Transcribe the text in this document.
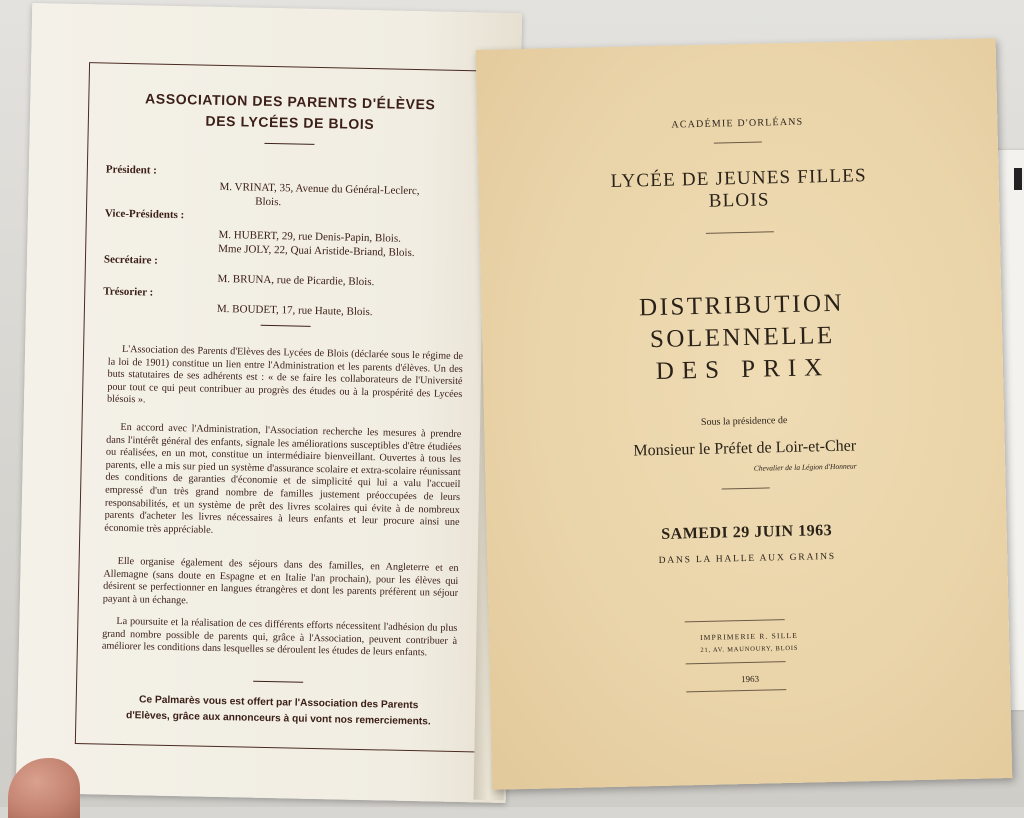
ASSOCIATION DES PARENTS D'ÉLÈVES
DES LYCÉES DE BLOIS
Président :
M. VRINAT, 35, Avenue du Général-Leclerc,
Blois.
Vice-Présidents :
M. HUBERT, 29, rue Denis-Papin, Blois.
Mme JOLY, 22, Quai Aristide-Briand, Blois.
Secrétaire :
M. BRUNA, rue de Picardie, Blois.
Trésorier :
M. BOUDET, 17, rue Haute, Blois.
L'Association des Parents d'Elèves des Lycées de Blois (déclarée sous le régime de la loi de 1901) constitue un lien entre l'Administration et les parents d'élèves. Un des buts statutaires de ses adhérents est : « de se faire les collaborateurs de l'Université pour tout ce qui peut contribuer au progrès des études ou à la prospérité des Lycées blésois ».
En accord avec l'Administration, l'Association recherche les mesures à prendre dans l'intérêt général des enfants, signale les améliorations susceptibles d'être étudiées ou réalisées, en un mot, constitue un intermédiaire bienveillant. Ouvertes à tous les parents, elle a mis sur pied un système d'assurance scolaire et extra-scolaire réunissant des conditions de garanties d'économie et de simplicité qui lui a valu l'accueil empressé d'un très grand nombre de familles justement préoccupées de leurs responsabilités, et un système de prêt des livres scolaires qui évite à de nombreux parents d'acheter les livres nécessaires à leurs enfants et leur procure ainsi une économie très appréciable.
Elle organise également des séjours dans des familles, en Angleterre et en Allemagne (sans doute en Espagne et en Italie l'an prochain), pour les élèves qui désirent se perfectionner en langues étrangères et dont les parents préfèrent un séjour payant à un échange.
La poursuite et la réalisation de ces différents efforts nécessitent l'adhésion du plus grand nombre possible de parents qui, grâce à l'Association, peuvent contribuer à améliorer les conditions dans lesquelles se déroulent les études de leurs enfants.
Ce Palmarès vous est offert par l'Association des Parents
d'Elèves, grâce aux annonceurs à qui vont nos remerciements.
ACADÉMIE D'ORLÉANS
LYCÉE DE JEUNES FILLES
BLOIS
DISTRIBUTION
SOLENNELLE
DES PRIX
Sous la présidence de
Monsieur le Préfet de Loir-et-Cher
Chevalier de la Légion d'Honneur
SAMEDI 29 JUIN 1963
DANS LA HALLE AUX GRAINS
IMPRIMERIE R. SILLE
21, AV. MAUNOURY, BLOIS
1963
